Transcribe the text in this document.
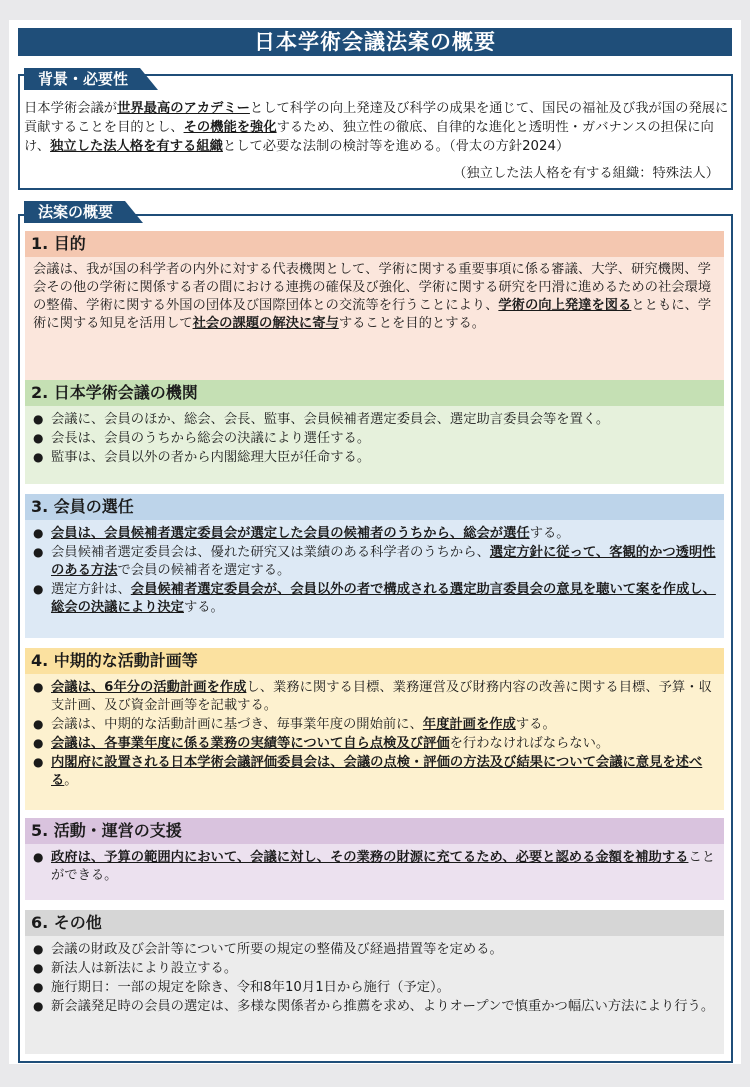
日本学術会議法案の概要
背景・必要性
日本学術会議が世界最高のアカデミーとして科学の向上発達及び科学の成果を通じて、国民の福祉及び我が国の発展に貢献することを目的とし、その機能を強化するため、独立性の徹底、自律的な進化と透明性・ガバナンスの担保に向け、独立した法人格を有する組織として必要な法制の検討等を進める。（骨太の方針2024）
（独立した法人格を有する組織：特殊法人）
法案の概要
1. 目的
会議は、我が国の科学者の内外に対する代表機関として、学術に関する重要事項に係る審議、大学、研究機関、学会その他の学術に関係する者の間における連携の確保及び強化、学術に関する研究を円滑に進めるための社会環境の整備、学術に関する外国の団体及び国際団体との交流等を行うことにより、学術の向上発達を図るとともに、学術に関する知見を活用して社会の課題の解決に寄与することを目的とする。
2. 日本学術会議の機関
● 会議に、会員のほか、総会、会長、監事、会員候補者選定委員会、選定助言委員会等を置く。
● 会長は、会員のうちから総会の決議により選任する。
● 監事は、会員以外の者から内閣総理大臣が任命する。
3. 会員の選任
● 会員は、会員候補者選定委員会が選定した会員の候補者のうちから、総会が選任する。
● 会員候補者選定委員会は、優れた研究又は業績のある科学者のうちから、選定方針に従って、客観的かつ透明性のある方法で会員の候補者を選定する。
● 選定方針は、会員候補者選定委員会が、会員以外の者で構成される選定助言委員会の意見を聴いて案を作成し、総会の決議により決定する。
4. 中期的な活動計画等
● 会議は、6年分の活動計画を作成し、業務に関する目標、業務運営及び財務内容の改善に関する目標、予算・収支計画、及び資金計画等を記載する。
● 会議は、中期的な活動計画に基づき、毎事業年度の開始前に、年度計画を作成する。
● 会議は、各事業年度に係る業務の実績等について自ら点検及び評価を行わなければならない。
● 内閣府に設置される日本学術会議評価委員会は、会議の点検・評価の方法及び結果について会議に意見を述べる。
5. 活動・運営の支援
● 政府は、予算の範囲内において、会議に対し、その業務の財源に充てるため、必要と認める金額を補助することができる。
6. その他
● 会議の財政及び会計等について所要の規定の整備及び経過措置等を定める。
● 新法人は新法により設立する。
● 施行期日：一部の規定を除き、令和8年10月1日から施行（予定）。
● 新会議発足時の会員の選定は、多様な関係者から推薦を求め、よりオープンで慎重かつ幅広い方法により行う。
